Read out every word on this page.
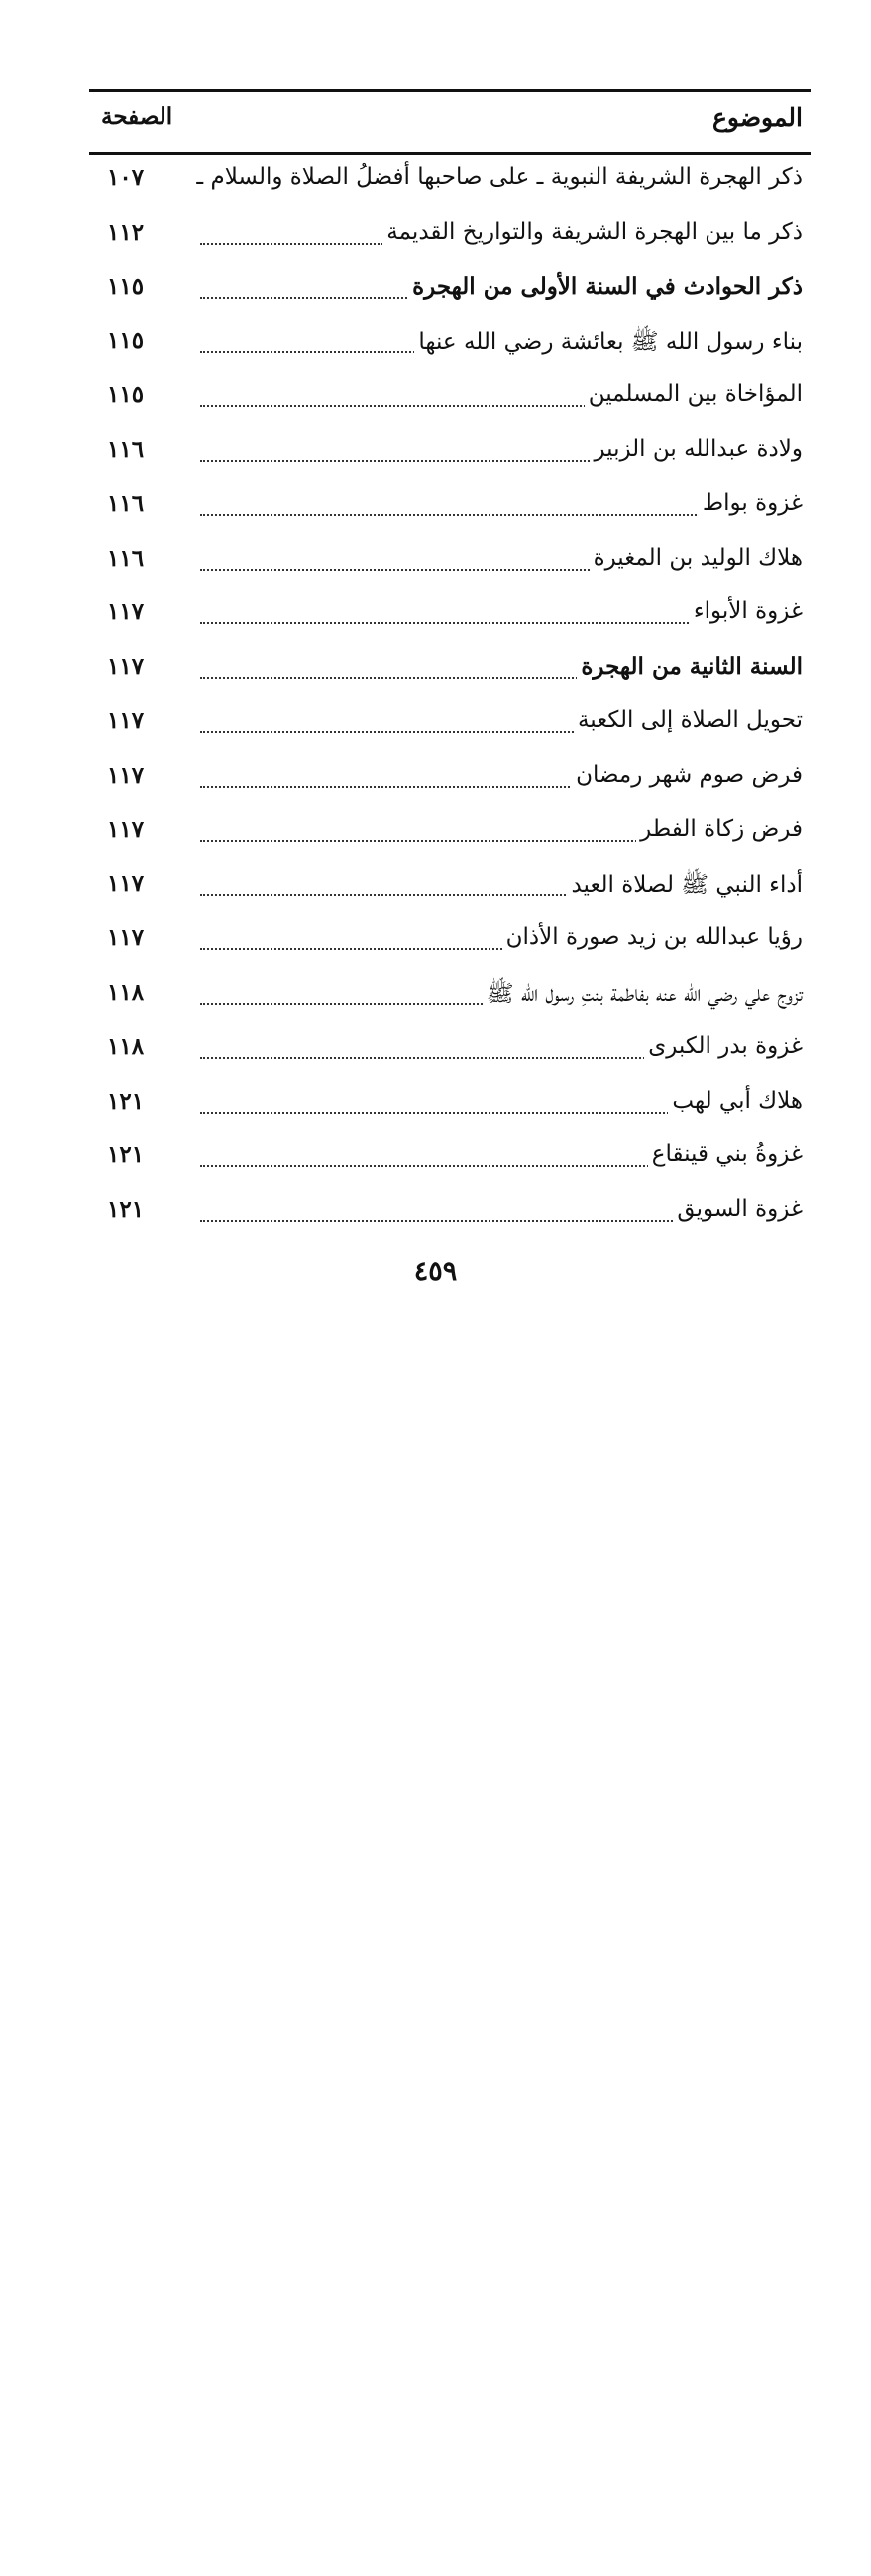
الموضوع
الصفحة
ذكر الهجرة الشريفة النبوية ـ على صاحبها أفضلُ الصلاة والسلام ـ
١٠٧
ذكر ما بين الهجرة الشريفة والتواريخ القديمة
١١٢
ذكر الحوادث في السنة الأولى من الهجرة
١١٥
بناء رسول الله ﷺ بعائشة رضي الله عنها
١١٥
المؤاخاة بين المسلمين
١١٥
ولادة عبدالله بن الزبير
١١٦
غزوة بواط
١١٦
هلاك الوليد بن المغيرة
١١٦
غزوة الأبواء
١١٧
السنة الثانية من الهجرة
١١٧
تحويل الصلاة إلى الكعبة
١١٧
فرض صوم شهر رمضان
١١٧
فرض زكاة الفطر
١١٧
أداء النبي ﷺ لصلاة العيد
١١٧
رؤيا عبدالله بن زيد صورة الأذان
١١٧
تزوج علي رضي الله عنه بفاطمة بنتِ رسول الله ﷺ
١١٨
غزوة بدر الكبرى
١١٨
هلاك أبي لهب
١٢١
غزوةُ بني قينقاع
١٢١
غزوة السويق
١٢١
٤٥٩
